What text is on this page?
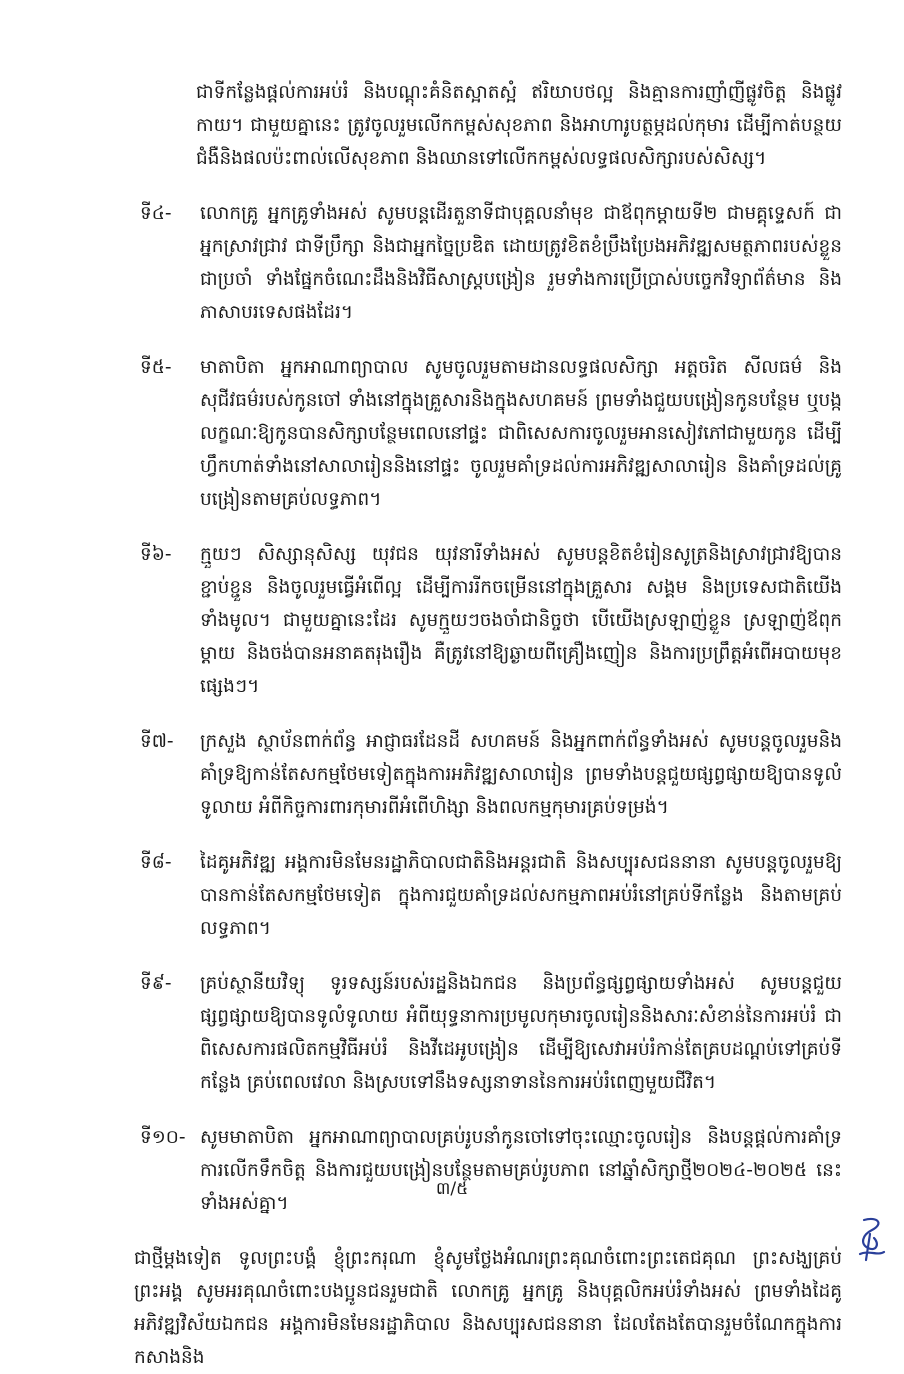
ជាទីកន្លែងផ្តល់ការអប់រំ និងបណ្តុះគំនិតស្អាតស្អំ ឥរិយាបថល្អ និងគ្មានការញាំញីផ្លូវចិត្ត និងផ្លូវកាយ។ ជាមួយគ្នានេះ ត្រូវចូលរួមលើកកម្ពស់សុខភាព និងអាហារូបត្ថម្ភដល់កុមារ ដើម្បីកាត់បន្ថយជំងឺនិងផលប៉ះពាល់លើសុខភាព និងឈានទៅលើកកម្ពស់លទ្ធផលសិក្សារបស់សិស្ស។

ទី៤-	លោកគ្រូ អ្នកគ្រូទាំងអស់ សូមបន្តដើរតួនាទីជាបុគ្គលនាំមុខ ជាឪពុកម្តាយទី២ ជាមគ្គុទ្ទេសក៍ ជាអ្នកស្រាវជ្រាវ ជាទីប្រឹក្សា និងជាអ្នកច្នៃប្រឌិត ដោយត្រូវខិតខំប្រឹងប្រែងអភិវឌ្ឍសមត្ថភាពរបស់ខ្លួនជាប្រចាំ ទាំងផ្នែកចំណេះដឹងនិងវិធីសាស្ត្របង្រៀន រួមទាំងការប្រើប្រាស់បច្ចេកវិទ្យាព័ត៌មាន និងភាសាបរទេសផងដែរ។

ទី៥-	មាតាបិតា អ្នកអាណាព្យាបាល សូមចូលរួមតាមដានលទ្ធផលសិក្សា អត្តចរិត សីលធម៌ និងសុជីវធម៌របស់កូនចៅ ទាំងនៅក្នុងគ្រួសារនិងក្នុងសហគមន៍ ព្រមទាំងជួយបង្រៀនកូនបន្ថែម ឬបង្កលក្ខណៈឱ្យកូនបានសិក្សាបន្ថែមពេលនៅផ្ទះ ជាពិសេសការចូលរួមអានសៀវភៅជាមួយកូន ដើម្បីហ្វឹកហាត់ទាំងនៅសាលារៀននិងនៅផ្ទះ ចូលរួមគាំទ្រដល់ការអភិវឌ្ឍសាលារៀន និងគាំទ្រដល់គ្រូបង្រៀនតាមគ្រប់លទ្ធភាព។

ទី៦-	ក្មួយៗ សិស្សានុសិស្ស យុវជន យុវនារីទាំងអស់ សូមបន្តខិតខំរៀនសូត្រនិងស្រាវជ្រាវឱ្យបានខ្ជាប់ខ្ជួន និងចូលរួមធ្វើអំពើល្អ ដើម្បីការរីកចម្រើននៅក្នុងគ្រួសារ សង្គម និងប្រទេសជាតិយើងទាំងមូល។ ជាមួយគ្នានេះដែរ សូមក្មួយៗចងចាំជានិច្ចថា បើយើងស្រឡាញ់ខ្លួន ស្រឡាញ់ឪពុកម្តាយ និងចង់បានអនាគតរុងរឿង គឺត្រូវនៅឱ្យឆ្ងាយពីគ្រឿងញៀន និងការប្រព្រឹត្តអំពើអបាយមុខផ្សេងៗ។

ទី៧-	ក្រសួង ស្ថាប័នពាក់ព័ន្ធ អាជ្ញាធរដែនដី សហគមន៍ និងអ្នកពាក់ព័ន្ធទាំងអស់ សូមបន្តចូលរួមនិងគាំទ្រឱ្យកាន់តែសកម្មថែមទៀតក្នុងការអភិវឌ្ឍសាលារៀន ព្រមទាំងបន្តជួយផ្សព្វផ្សាយឱ្យបានទូលំទូលាយ អំពីកិច្ចការពារកុមារពីអំពើហិង្សា និងពលកម្មកុមារគ្រប់ទម្រង់។

ទី៨-	ដៃគូអភិវឌ្ឍ អង្គការមិនមែនរដ្ឋាភិបាលជាតិនិងអន្តរជាតិ និងសប្បុរសជននានា សូមបន្តចូលរួមឱ្យបានកាន់តែសកម្មថែមទៀត ក្នុងការជួយគាំទ្រដល់សកម្មភាពអប់រំនៅគ្រប់ទីកន្លែង និងតាមគ្រប់លទ្ធភាព។

ទី៩-	គ្រប់ស្ថានីយវិទ្យុ ទូរទស្សន៍របស់រដ្ឋនិងឯកជន និងប្រព័ន្ធផ្សព្វផ្សាយទាំងអស់ សូមបន្តជួយផ្សព្វផ្សាយឱ្យបានទូលំទូលាយ អំពីយុទ្ធនាការប្រមូលកុមារចូលរៀននិងសារៈសំខាន់នៃការអប់រំ ជាពិសេសការផលិតកម្មវិធីអប់រំ និងវីដេអូបង្រៀន ដើម្បីឱ្យសេវាអប់រំកាន់តែគ្របដណ្តប់ទៅគ្រប់ទីកន្លែង គ្រប់ពេលវេលា និងស្របទៅនឹងទស្សនាទាននៃការអប់រំពេញមួយជីវិត។

ទី១០- សូមមាតាបិតា អ្នកអាណាព្យាបាលគ្រប់រូបនាំកូនចៅទៅចុះឈ្មោះចូលរៀន និងបន្តផ្តល់ការគាំទ្រ ការលើកទឹកចិត្ត និងការជួយបង្រៀនបន្ថែមតាមគ្រប់រូបភាព នៅឆ្នាំសិក្សាថ្មី២០២៤-២០២៥ នេះទាំងអស់គ្នា។

ជាថ្មីម្តងទៀត ទូលព្រះបង្គំ ខ្ញុំព្រះករុណា ខ្ញុំសូមថ្លែងអំណរព្រះគុណចំពោះព្រះតេជគុណ ព្រះសង្ឃគ្រប់ព្រះអង្គ សូមអរគុណចំពោះបងប្អូនជនរួមជាតិ លោកគ្រូ អ្នកគ្រូ និងបុគ្គលិកអប់រំទាំងអស់ ព្រមទាំងដៃគូអភិវឌ្ឍវិស័យឯកជន អង្គការមិនមែនរដ្ឋាភិបាល និងសប្បុរសជននានា ដែលតែងតែបានរួមចំណែកក្នុងការកសាងនិង

៣/៥
